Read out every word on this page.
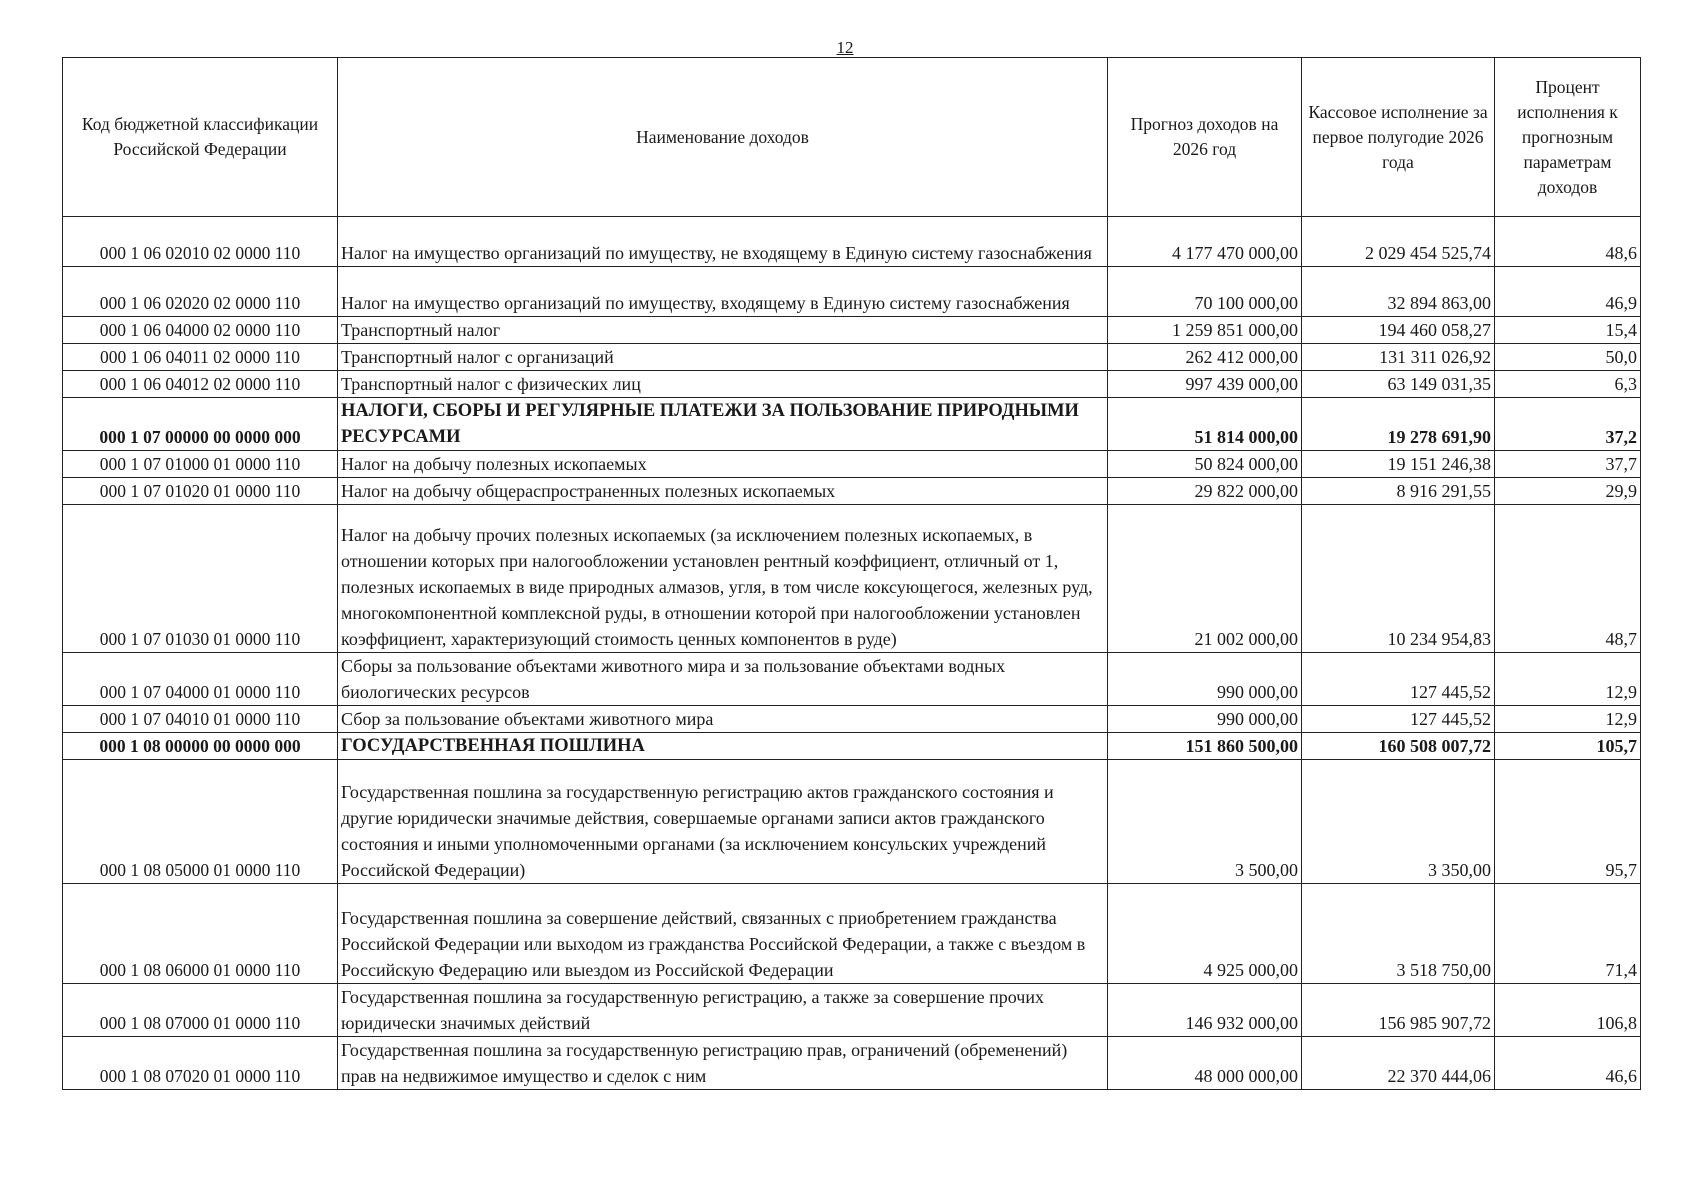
12
Код бюджетной классификации Российской Федерации	Наименование доходов	Прогноз доходов на 2026 год	Кассовое исполнение за первое полугодие 2026 года	Процент исполнения к прогнозным параметрам доходов
000 1 06 02010 02 0000 110	Налог на имущество организаций по имуществу, не входящему в Единую систему газоснабжения	4 177 470 000,00	2 029 454 525,74	48,6
000 1 06 02020 02 0000 110	Налог на имущество организаций по имуществу, входящему в Единую систему газоснабжения	70 100 000,00	32 894 863,00	46,9
000 1 06 04000 02 0000 110	Транспортный налог	1 259 851 000,00	194 460 058,27	15,4
000 1 06 04011 02 0000 110	Транспортный налог с организаций	262 412 000,00	131 311 026,92	50,0
000 1 06 04012 02 0000 110	Транспортный налог с физических лиц	997 439 000,00	63 149 031,35	6,3
000 1 07 00000 00 0000 000	НАЛОГИ, СБОРЫ И РЕГУЛЯРНЫЕ ПЛАТЕЖИ ЗА ПОЛЬЗОВАНИЕ ПРИРОДНЫМИ РЕСУРСАМИ	51 814 000,00	19 278 691,90	37,2
000 1 07 01000 01 0000 110	Налог на добычу полезных ископаемых	50 824 000,00	19 151 246,38	37,7
000 1 07 01020 01 0000 110	Налог на добычу общераспространенных полезных ископаемых	29 822 000,00	8 916 291,55	29,9
000 1 07 01030 01 0000 110	Налог на добычу прочих полезных ископаемых (за исключением полезных ископаемых, в отношении которых при налогообложении установлен рентный коэффициент, отличный от 1, полезных ископаемых в виде природных алмазов, угля, в том числе коксующегося, железных руд, многокомпонентной комплексной руды, в отношении которой при налогообложении установлен коэффициент, характеризующий стоимость ценных компонентов в руде)	21 002 000,00	10 234 954,83	48,7
000 1 07 04000 01 0000 110	Сборы за пользование объектами животного мира и за пользование объектами водных биологических ресурсов	990 000,00	127 445,52	12,9
000 1 07 04010 01 0000 110	Сбор за пользование объектами животного мира	990 000,00	127 445,52	12,9
000 1 08 00000 00 0000 000	ГОСУДАРСТВЕННАЯ ПОШЛИНА	151 860 500,00	160 508 007,72	105,7
000 1 08 05000 01 0000 110	Государственная пошлина за государственную регистрацию актов гражданского состояния и другие юридически значимые действия, совершаемые органами записи актов гражданского состояния и иными уполномоченными органами (за исключением консульских учреждений Российской Федерации)	3 500,00	3 350,00	95,7
000 1 08 06000 01 0000 110	Государственная пошлина за совершение действий, связанных с приобретением гражданства Российской Федерации или выходом из гражданства Российской Федерации, а также с въездом в Российскую Федерацию или выездом из Российской Федерации	4 925 000,00	3 518 750,00	71,4
000 1 08 07000 01 0000 110	Государственная пошлина за государственную регистрацию, а также за совершение прочих юридически значимых действий	146 932 000,00	156 985 907,72	106,8
000 1 08 07020 01 0000 110	Государственная пошлина за государственную регистрацию прав, ограничений (обременений) прав на недвижимое имущество и сделок с ним	48 000 000,00	22 370 444,06	46,6
